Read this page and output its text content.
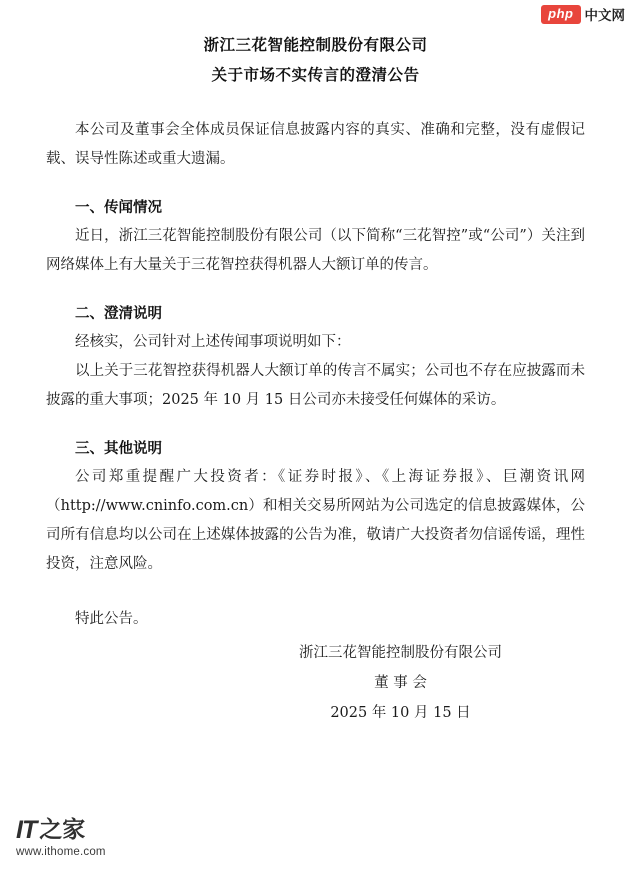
php 中文网
浙江三花智能控制股份有限公司
关于市场不实传言的澄清公告

本公司及董事会全体成员保证信息披露内容的真实、准确和完整，没有虚假记载、误导性陈述或重大遗漏。

一、传闻情况

近日，浙江三花智能控制股份有限公司（以下简称“三花智控”或“公司”）关注到网络媒体上有大量关于三花智控获得机器人大额订单的传言。

二、澄清说明

经核实，公司针对上述传闻事项说明如下：

以上关于三花智控获得机器人大额订单的传言不属实；公司也不存在应披露而未披露的重大事项；2025 年 10 月 15 日公司亦未接受任何媒体的采访。

三、其他说明

公司郑重提醒广大投资者：《证券时报》、《上海证券报》、巨潮资讯网（http://www.cninfo.com.cn）和相关交易所网站为公司选定的信息披露媒体，公司所有信息均以公司在上述媒体披露的公告为准，敬请广大投资者勿信谣传谣，理性投资，注意风险。

特此公告。

浙江三花智能控制股份有限公司
董 事 会
2025 年 10 月 15 日
IT 之家
www.ithome.com
